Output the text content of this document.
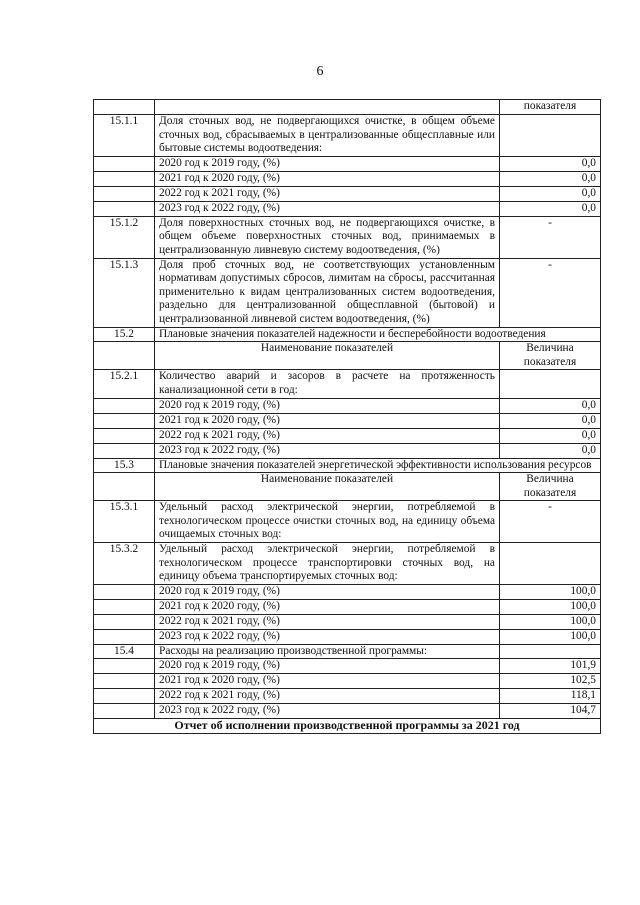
6
		показателя
15.1.1	Доля сточных вод, не подвергающихся очистке, в общем объеме сточных вод, сбрасываемых в централизованные общесплавные или бытовые системы водоотведения:	
	2020 год к 2019 году, (%)	0,0
	2021 год к 2020 году, (%)	0,0
	2022 год к 2021 году, (%)	0,0
	2023 год к 2022 году, (%)	0,0
15.1.2	Доля поверхностных сточных вод, не подвергающихся очистке, в общем объеме поверхностных сточных вод, принимаемых в централизованную ливневую систему водоотведения, (%)	-
15.1.3	Доля проб сточных вод, не соответствующих установленным нормативам допустимых сбросов, лимитам на сбросы, рассчитанная применительно к видам централизованных систем водоотведения, раздельно для централизованной общесплавной (бытовой) и централизованной ливневой систем водоотведения, (%)	-
15.2	Плановые значения показателей надежности и бесперебойности водоотведения	
	Наименование показателей	Величина показателя
15.2.1	Количество аварий и засоров в расчете на протяженность канализационной сети в год:	
	2020 год к 2019 году, (%)	0,0
	2021 год к 2020 году, (%)	0,0
	2022 год к 2021 году, (%)	0,0
	2023 год к 2022 году, (%)	0,0
15.3	Плановые значения показателей энергетической эффективности использования ресурсов	
	Наименование показателей	Величина показателя
15.3.1	Удельный расход электрической энергии, потребляемой в технологическом процессе очистки сточных вод, на единицу объема очищаемых сточных вод:	-
15.3.2	Удельный расход электрической энергии, потребляемой в технологическом процессе транспортировки сточных вод, на единицу объема транспортируемых сточных вод:	
	2020 год к 2019 году, (%)	100,0
	2021 год к 2020 году, (%)	100,0
	2022 год к 2021 году, (%)	100,0
	2023 год к 2022 году, (%)	100,0
15.4	Расходы на реализацию производственной программы:	
	2020 год к 2019 году, (%)	101,9
	2021 год к 2020 году, (%)	102,5
	2022 год к 2021 году, (%)	118,1
	2023 год к 2022 году, (%)	104,7
Отчет об исполнении производственной программы за 2021 год		
